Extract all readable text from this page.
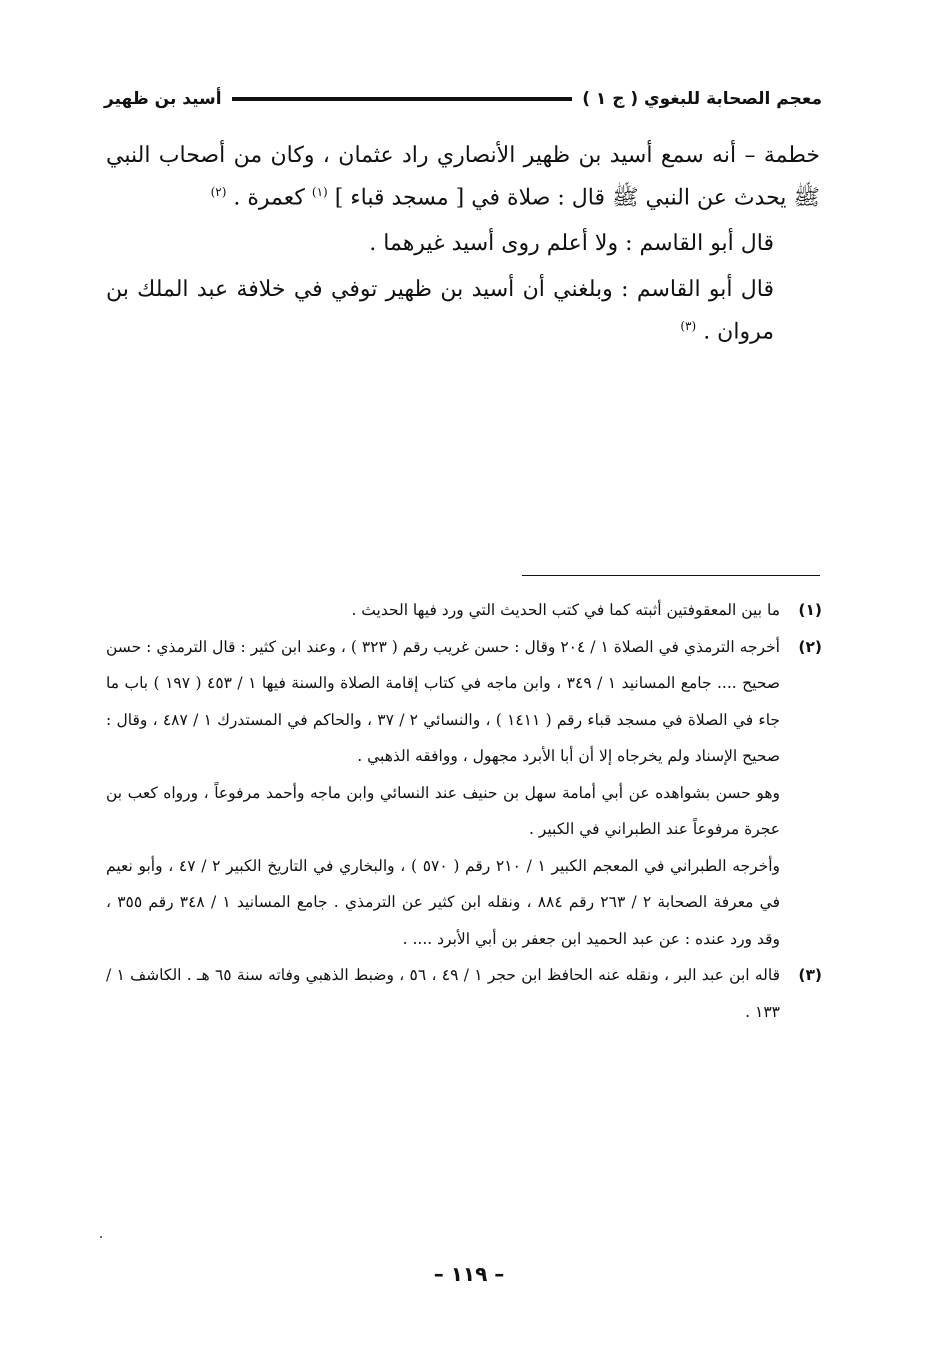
معجم الصحابة للبغوي ( ج ١ )
أسيد بن ظهير

خطمة – أنه سمع أسيد بن ظهير الأنصاري راد عثمان ، وكان من أصحاب النبي ﷺ يحدث عن النبي ﷺ قال : صلاة في [ مسجد قباء ] $^{(١)}$ كعمرة . $^{(٢)}$

قال أبو القاسم : ولا أعلم روى أسيد غيرهما .

قال أبو القاسم : وبلغني أن أسيد بن ظهير توفي في خلافة عبد الملك بن مروان . $^{(٣)}$

(١)

ما بين المعقوفتين أثبته كما في كتب الحديث التي ورد فيها الحديث .

(٢)

أخرجه الترمذي في الصلاة ١ / ٢٠٤ وقال : حسن غريب رقم ( ٣٢٣ ) ، وعند ابن كثير : قال الترمذي : حسن صحيح .... جامع المسانيد ١ / ٣٤٩ ، وابن ماجه في كتاب إقامة الصلاة والسنة فيها ١ / ٤٥٣ ( ١٩٧ ) باب ما جاء في الصلاة في مسجد قباء رقم ( ١٤١١ ) ، والنسائي ٢ / ٣٧ ، والحاكم في المستدرك ١ / ٤٨٧ ، وقال : صحيح الإسناد ولم يخرجاه إلا أن أبا الأبرد مجهول ، ووافقه الذهبي .

وهو حسن بشواهده عن أبي أمامة سهل بن حنيف عند النسائي وابن ماجه وأحمد مرفوعاً ، ورواه كعب بن عجرة مرفوعاً عند الطبراني في الكبير .

وأخرجه الطبراني في المعجم الكبير ١ / ٢١٠ رقم ( ٥٧٠ ) ، والبخاري في التاريخ الكبير ٢ / ٤٧ ، وأبو نعيم في معرفة الصحابة ٢ / ٢٦٣ رقم ٨٨٤ ، ونقله ابن كثير عن الترمذي . جامع المسانيد ١ / ٣٤٨ رقم ٣٥٥ ، وقد ورد عنده : عن عبد الحميد ابن جعفر بن أبي الأبرد .... .

(٣)

قاله ابن عبد البر ، ونقله عنه الحافظ ابن حجر ١ / ٤٩ ، ٥٦ ، وضبط الذهبي وفاته سنة ٦٥ هـ . الكاشف ١ / ١٣٣ .

– ١١٩ –
